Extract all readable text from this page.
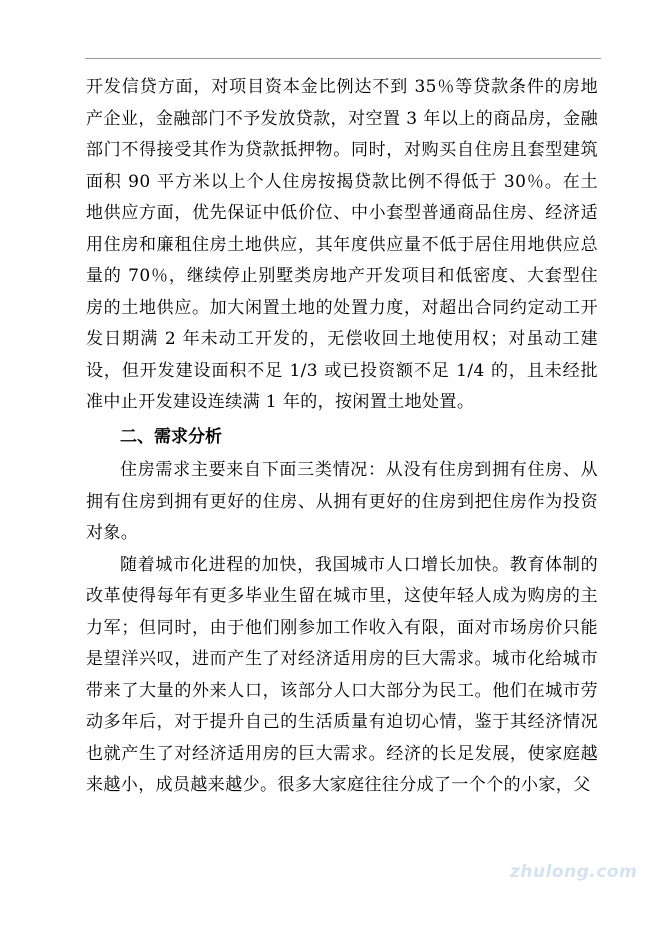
开发信贷方面，对项目资本金比例达不到 35％等贷款条件的房地产企业，金融部门不予发放贷款，对空置 3 年以上的商品房，金融部门不得接受其作为贷款抵押物。同时，对购买自住房且套型建筑面积 90 平方米以上个人住房按揭贷款比例不得低于 30％。在土地供应方面，优先保证中低价位、中小套型普通商品住房、经济适用住房和廉租住房土地供应，其年度供应量不低于居住用地供应总量的 70％，继续停止别墅类房地产开发项目和低密度、大套型住房的土地供应。加大闲置土地的处置力度，对超出合同约定动工开发日期满 2 年未动工开发的，无偿收回土地使用权；对虽动工建设，但开发建设面积不足 1/3 或已投资额不足 1/4 的，且未经批准中止开发建设连续满 1 年的，按闲置土地处置。

二、需求分析

住房需求主要来自下面三类情况：从没有住房到拥有住房、从拥有住房到拥有更好的住房、从拥有更好的住房到把住房作为投资对象。

随着城市化进程的加快，我国城市人口增长加快。教育体制的改革使得每年有更多毕业生留在城市里，这使年轻人成为购房的主力军；但同时，由于他们刚参加工作收入有限，面对市场房价只能是望洋兴叹，进而产生了对经济适用房的巨大需求。城市化给城市带来了大量的外来人口，该部分人口大部分为民工。他们在城市劳动多年后，对于提升自己的生活质量有迫切心情，鉴于其经济情况也就产生了对经济适用房的巨大需求。经济的长足发展，使家庭越来越小，成员越来越少。很多大家庭往往分成了一个个的小家，父

zhulong.com
